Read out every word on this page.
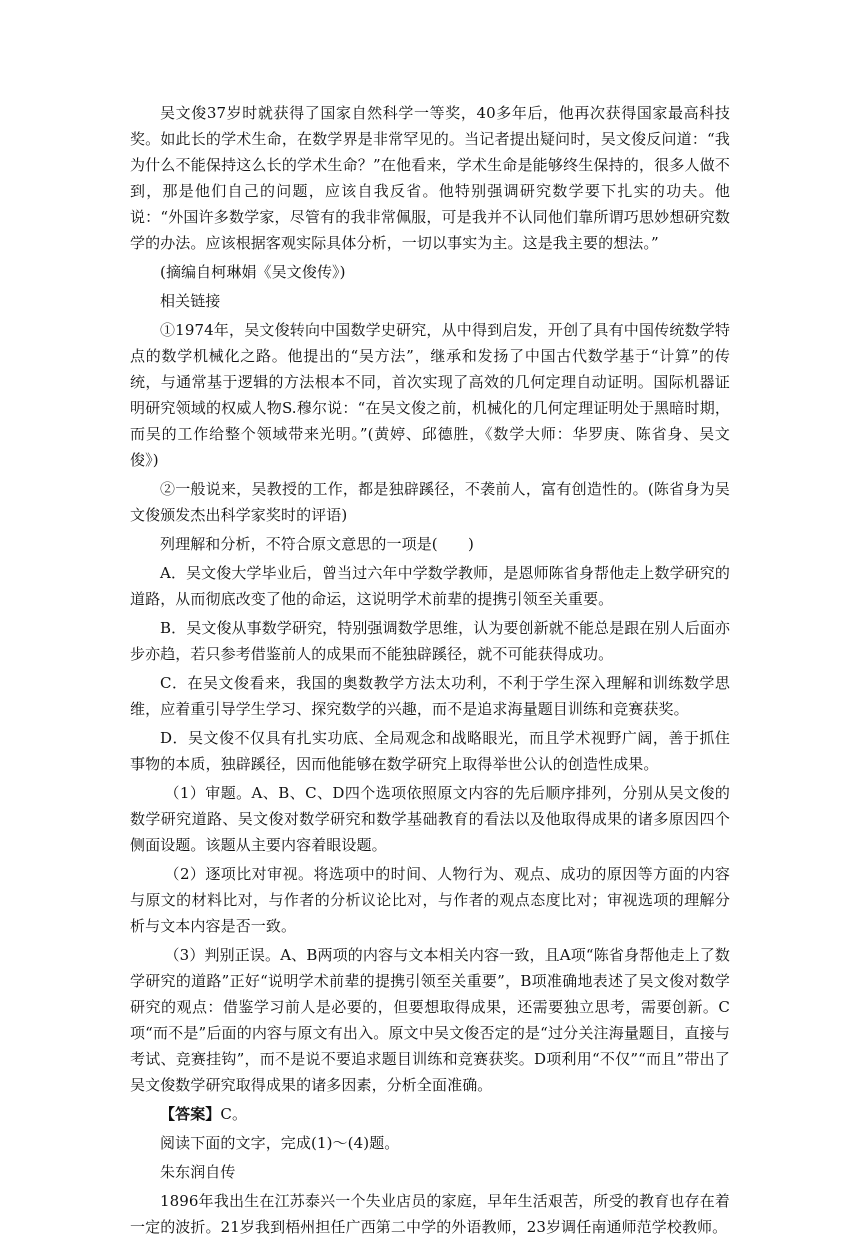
吴文俊37岁时就获得了国家自然科学一等奖，40多年后，他再次获得国家最高科技奖。如此长的学术生命，在数学界是非常罕见的。当记者提出疑问时，吴文俊反问道：“我为什么不能保持这么长的学术生命？”在他看来，学术生命是能够终生保持的，很多人做不到，那是他们自己的问题，应该自我反省。他特别强调研究数学要下扎实的功夫。他说：“外国许多数学家，尽管有的我非常佩服，可是我并不认同他们靠所谓巧思妙想研究数学的办法。应该根据客观实际具体分析，一切以事实为主。这是我主要的想法。”

(摘编自柯琳娟《吴文俊传》)

相关链接

①1974年，吴文俊转向中国数学史研究，从中得到启发，开创了具有中国传统数学特点的数学机械化之路。他提出的“吴方法”，继承和发扬了中国古代数学基于“计算”的传统，与通常基于逻辑的方法根本不同，首次实现了高效的几何定理自动证明。国际机器证明研究领域的权威人物S.穆尔说：“在吴文俊之前，机械化的几何定理证明处于黑暗时期，而吴的工作给整个领域带来光明。”(黄婷、邱德胜，《数学大师：华罗庚、陈省身、吴文俊》)

②一般说来，吴教授的工作，都是独辟蹊径，不袭前人，富有创造性的。(陈省身为吴文俊颁发杰出科学家奖时的评语)

列理解和分析，不符合原文意思的一项是(　　)

A．吴文俊大学毕业后，曾当过六年中学数学教师，是恩师陈省身帮他走上数学研究的道路，从而彻底改变了他的命运，这说明学术前辈的提携引领至关重要。

B．吴文俊从事数学研究，特别强调数学思维，认为要创新就不能总是跟在别人后面亦步亦趋，若只参考借鉴前人的成果而不能独辟蹊径，就不可能获得成功。

C．在吴文俊看来，我国的奥数教学方法太功利，不利于学生深入理解和训练数学思维，应着重引导学生学习、探究数学的兴趣，而不是追求海量题目训练和竞赛获奖。

D．吴文俊不仅具有扎实功底、全局观念和战略眼光，而且学术视野广阔，善于抓住事物的本质，独辟蹊径，因而他能够在数学研究上取得举世公认的创造性成果。

（1）审题。A、B、C、D四个选项依照原文内容的先后顺序排列，分别从吴文俊的数学研究道路、吴文俊对数学研究和数学基础教育的看法以及他取得成果的诸多原因四个侧面设题。该题从主要内容着眼设题。

（2）逐项比对审视。将选项中的时间、人物行为、观点、成功的原因等方面的内容与原文的材料比对，与作者的分析议论比对，与作者的观点态度比对；审视选项的理解分析与文本内容是否一致。

（3）判别正误。A、B两项的内容与文本相关内容一致，且A项“陈省身帮他走上了数学研究的道路”正好“说明学术前辈的提携引领至关重要”，B项准确地表述了吴文俊对数学研究的观点：借鉴学习前人是必要的，但要想取得成果，还需要独立思考，需要创新。C项“而不是”后面的内容与原文有出入。原文中吴文俊否定的是“过分关注海量题目，直接与考试、竞赛挂钩”，而不是说不要追求题目训练和竞赛获奖。D项利用“不仅”“而且”带出了吴文俊数学研究取得成果的诸多因素，分析全面准确。

【答案】C。

阅读下面的文字，完成(1)～(4)题。

朱东润自传

1896年我出生在江苏泰兴一个失业店员的家庭，早年生活艰苦，所受的教育也存在着一定的波折。21岁我到梧州担任广西第二中学的外语教师，23岁调任南通师范学校教师。
